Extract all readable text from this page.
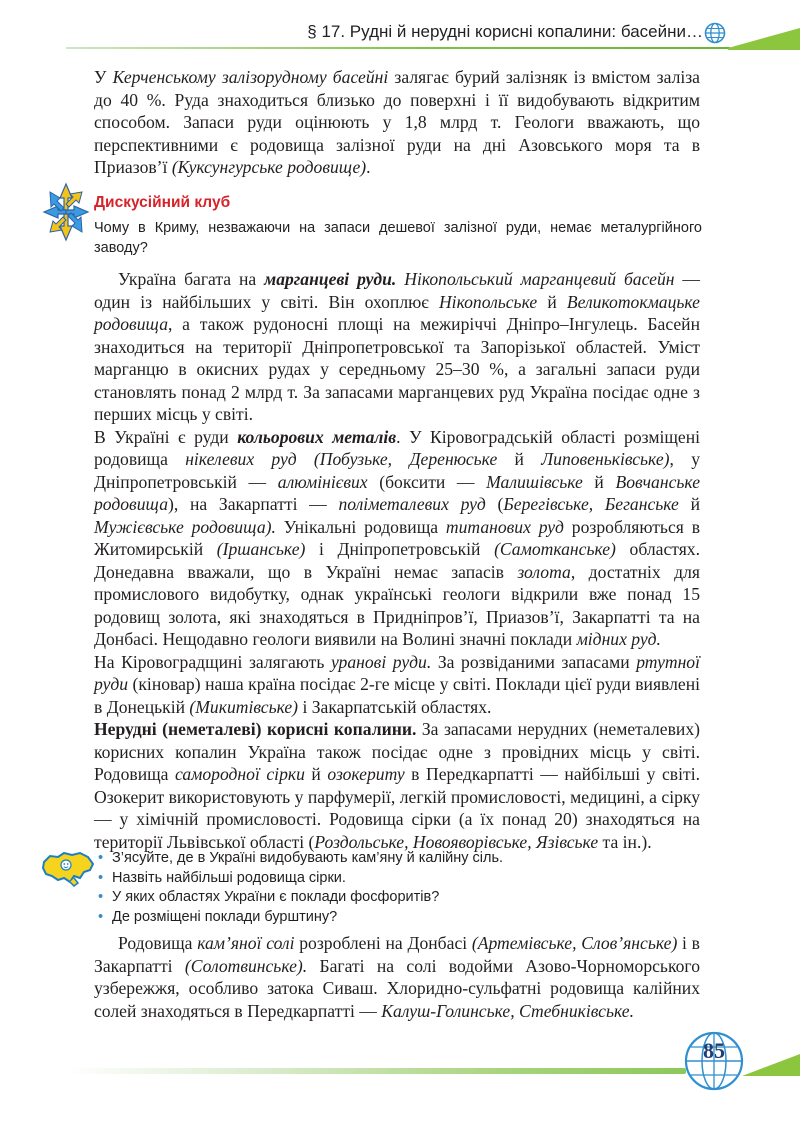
§ 17. Рудні й нерудні корисні копалини: басейни…
У Керченському залізорудному басейні залягає бурий залізняк із вмістом заліза до 40 %. Руда знаходиться близько до поверхні і її видобувають відкритим способом. Запаси руди оцінюють у 1,8 млрд т. Геологи вважають, що перспективними є родовища залізної руди на дні Азовського моря та в Приазов’ї (Куксунгурське родовище).
Дискусійний клуб
Чому в Криму, незважаючи на запаси дешевої залізної руди, немає металургійного заводу?

Україна багата на марганцеві руди. Нікопольський марганцевий басейн — один із найбільших у світі. Він охоплює Нікопольське й Великотокмацьке родовища, а також рудоносні площі на межиріччі Дніпро–Інгулець. Басейн знаходиться на території Дніпропетровської та Запорізької областей. Уміст марганцю в окисних рудах у середньому 25–30 %, а загальні запаси руди становлять понад 2 млрд т. За запасами марганцевих руд Україна посідає одне з перших місць у світі.

В Україні є руди кольорових металів. У Кіровоградській області розміщені родовища нікелевих руд (Побузьке, Деренюське й Липовеньківське), у Дніпропетровській — алюмінієвих (боксити — Малишівське й Вовчанське родовища), на Закарпатті — поліметалевих руд (Берегівське, Беганське й Мужієвське родовища). Унікальні родовища титанових руд розробляються в Житомирській (Іршанське) і Дніпропетровській (Самотканське) областях. Донедавна вважали, що в Україні немає запасів золота, достатніх для промислового видобутку, однак українські геологи відкрили вже понад 15 родовищ золота, які знаходяться в Придніпров’ї, Приазов’ї, Закарпатті та на Донбасі. Нещодавно геологи виявили на Волині значні поклади мідних руд.

На Кіровоградщині залягають уранові руди. За розвіданими запасами ртутної руди (кіновар) наша країна посідає 2-ге місце у світі. Поклади цієї руди виявлені в Донецькій (Микитівське) і Закарпатській областях.

Нерудні (неметалеві) корисні копалини. За запасами нерудних (неметалевих) корисних копалин Україна також посідає одне з провідних місць у світі. Родовища самородної сірки й озокериту в Передкарпатті — найбільші у світі. Озокерит використовують у парфумерії, легкій промисловості, медицині, а сірку — у хімічній промисловості. Родовища сірки (а їх понад 20) знаходяться на території Львівської області (Роздольське, Новояворівське, Язівське та ін.).

• З’ясуйте, де в Україні видобувають кам’яну й калійну сіль.
• Назвіть найбільші родовища сірки.
• У яких областях України є поклади фосфоритів?
• Де розміщені поклади бурштину?
Родовища кам’яної солі розроблені на Донбасі (Артемівське, Слов’янське) і в Закарпатті (Солотвинське). Багаті на солі водойми Азово-Чорноморського узбережжя, особливо затока Сиваш. Хлоридно-сульфатні родовища калійних солей знаходяться в Передкарпатті — Калуш-Голинське, Стебниківське.
85
